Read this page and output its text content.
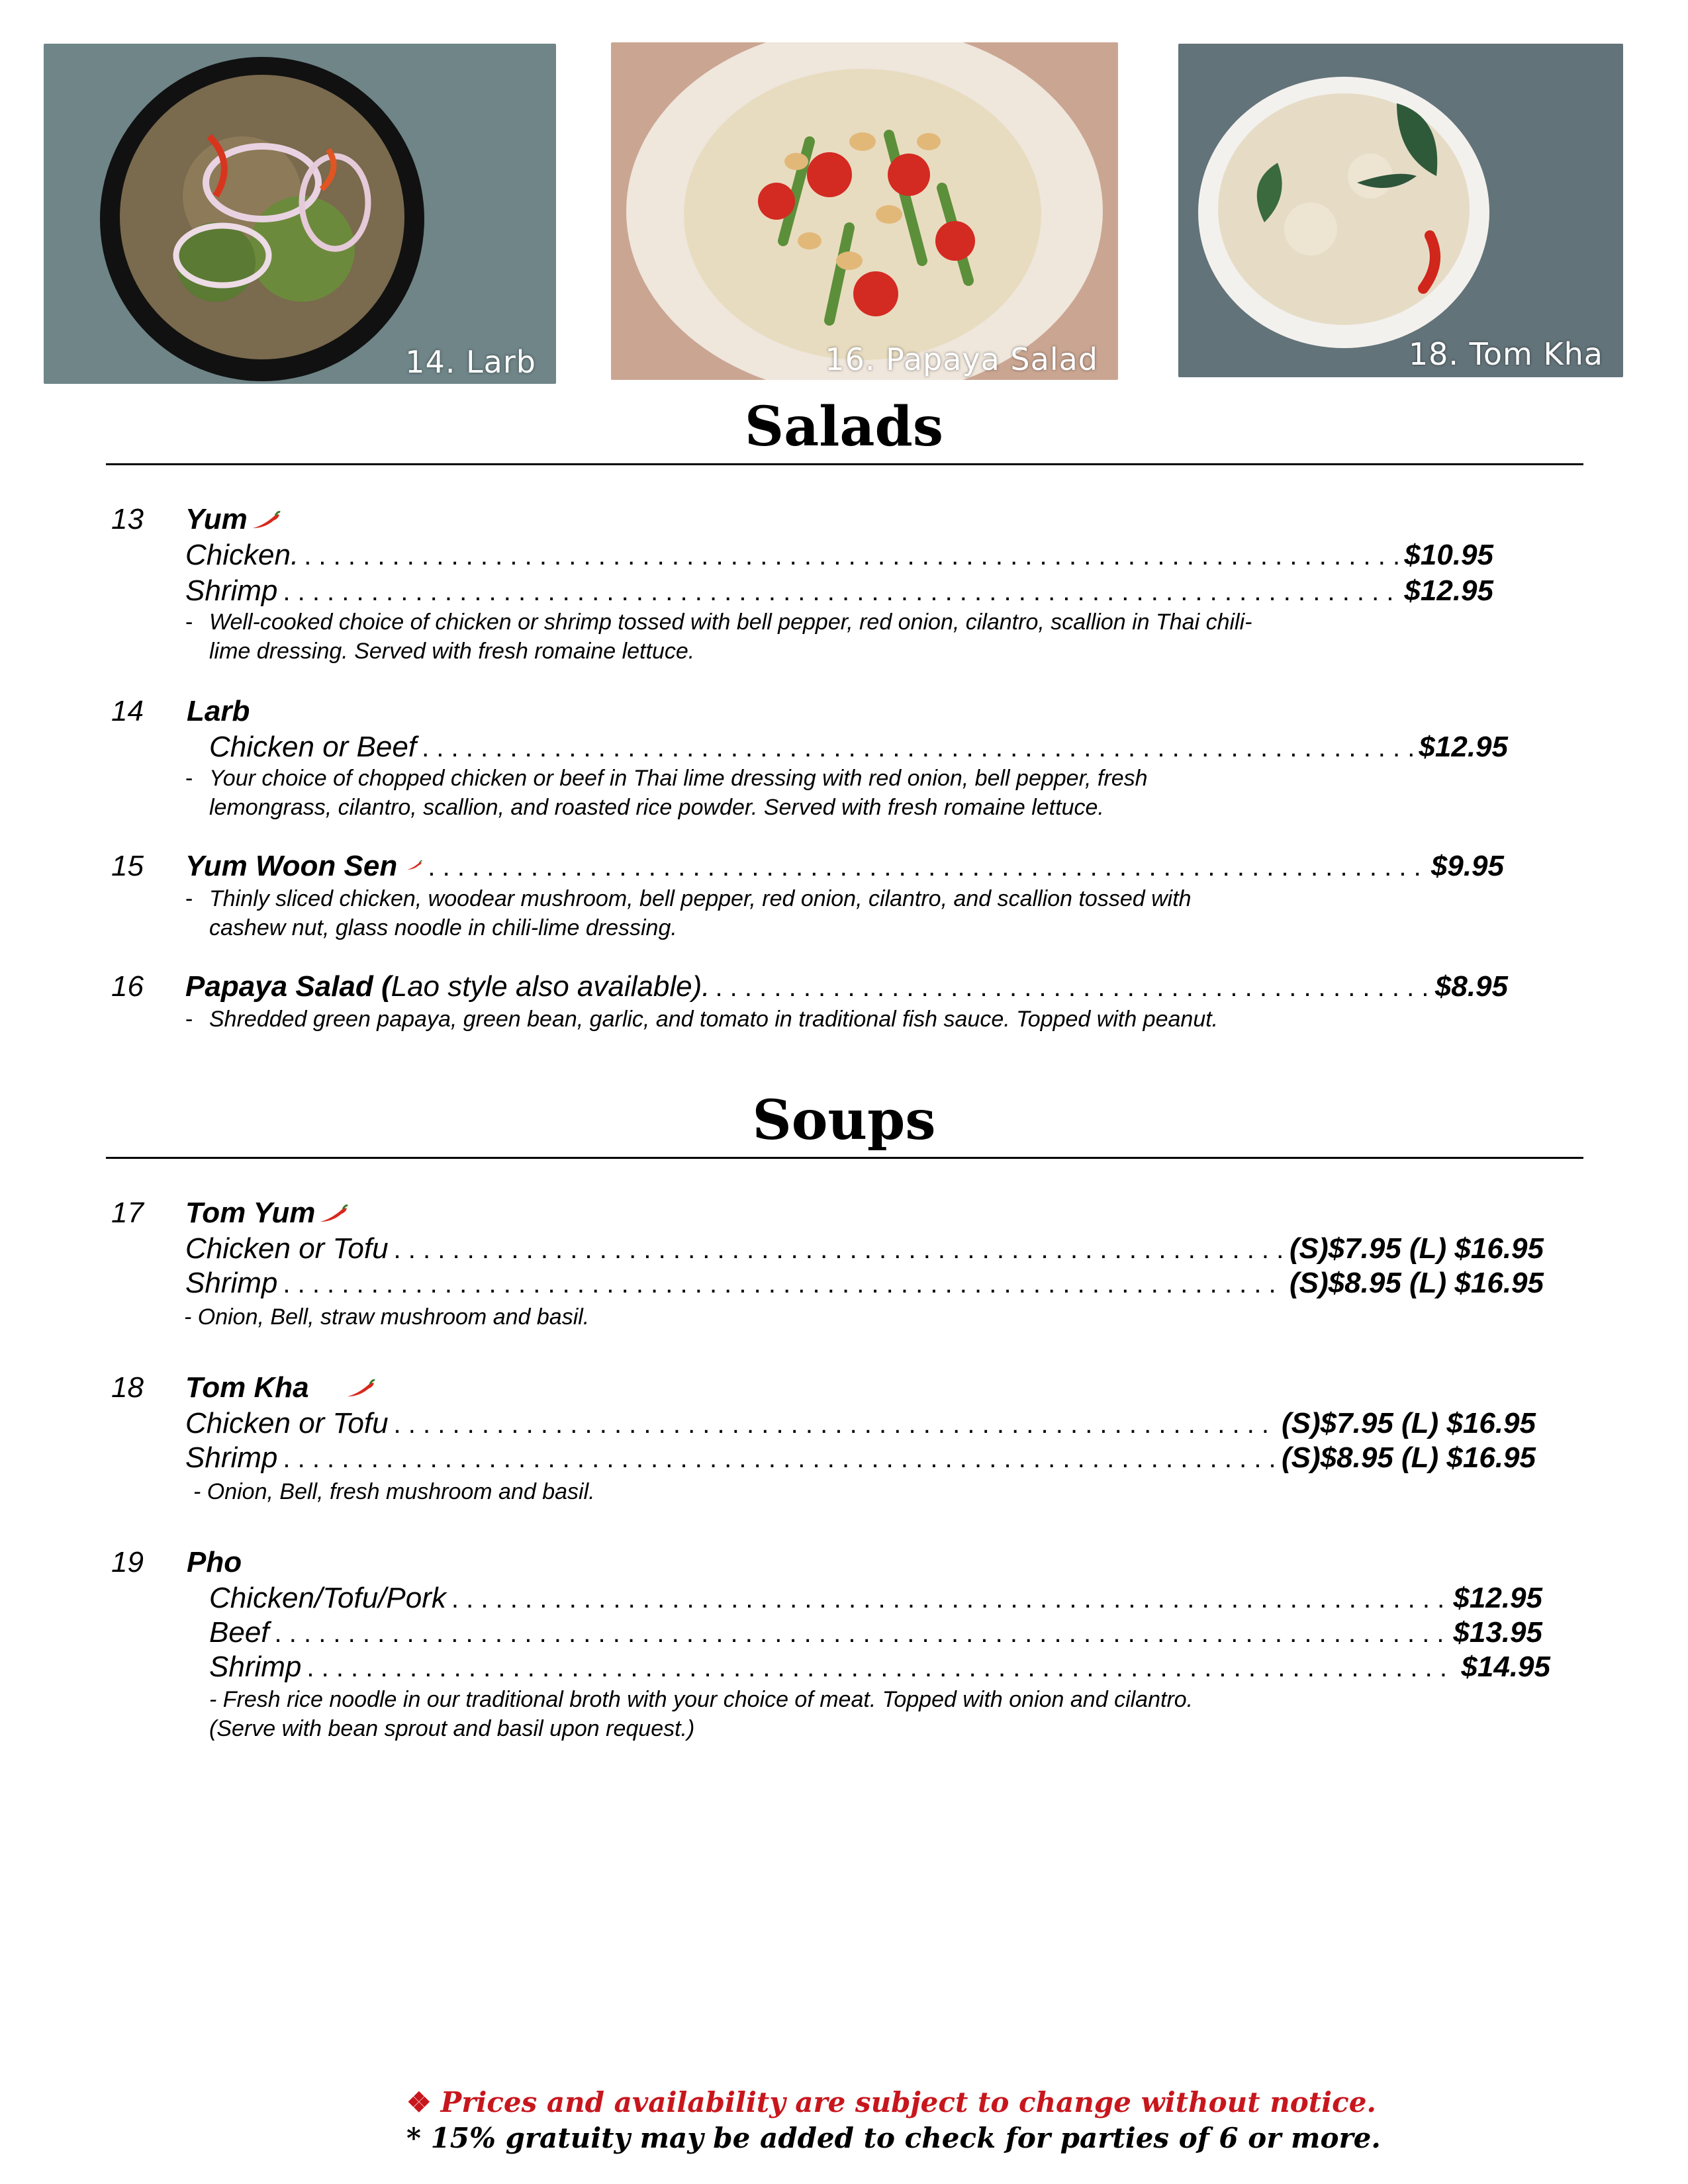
14. Larb	16. Papaya Salad	18. Tom Kha
Salads
13 Yum
Chicken. . . .	$10.95
Shrimp . . .	$12.95
- Well-cooked choice of chicken or shrimp tossed with bell pepper, red onion, cilantro, scallion in Thai chili-
lime dressing. Served with fresh romaine lettuce.
14 Larb
Chicken or Beef . . .	$12.95
- Your choice of chopped chicken or beef in Thai lime dressing with red onion, bell pepper, fresh
lemongrass, cilantro, scallion, and roasted rice powder. Served with fresh romaine lettuce.
15 Yum Woon Sen . . .	$9.95
- Thinly sliced chicken, woodear mushroom, bell pepper, red onion, cilantro, and scallion tossed with
cashew nut, glass noodle in chili-lime dressing.
16 Papaya Salad (Lao style also available). . . .	$8.95
- Shredded green papaya, green bean, garlic, and tomato in traditional fish sauce. Topped with peanut.
Soups
17 Tom Yum
Chicken or Tofu . . .	(S)$7.95 (L) $16.95
Shrimp . . .	(S)$8.95 (L) $16.95
- Onion, Bell, straw mushroom and basil.
18 Tom Kha
Chicken or Tofu . . .	(S)$7.95 (L) $16.95
Shrimp . . .	(S)$8.95 (L) $16.95
- Onion, Bell, fresh mushroom and basil.
19 Pho
Chicken/Tofu/Pork . . .	$12.95
Beef . . .	$13.95
Shrimp . . .	$14.95
- Fresh rice noodle in our traditional broth with your choice of meat. Topped with onion and cilantro.
(Serve with bean sprout and basil upon request.)
❖ Prices and availability are subject to change without notice.
* 15% gratuity may be added to check for parties of 6 or more.
